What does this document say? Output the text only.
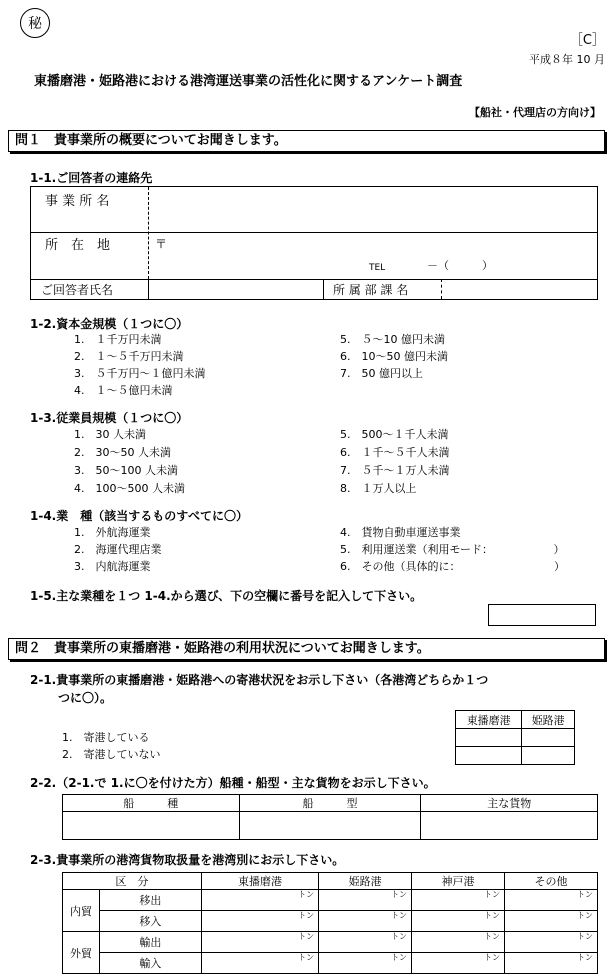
秘
［C］
平成８年 10 月
東播磨港・姫路港における港湾運送事業の活性化に関するアンケート調査
【船社・代理店の方向け】
問１　貴事業所の概要についてお聞きします。
1-1.ご回答者の連絡先
事 業 所 名
所　在　地	〒
TEL	－（　　　）
ご回答者氏名	所 属 部 課 名
1-2.資本金規模（１つに〇）
1.　１千万円未満
2.　１～５千万円未満
3.　５千万円～１億円未満
4.　１～５億円未満
5.　５～10 億円未満
6.　10～50 億円未満
7.　50 億円以上
1-3.従業員規模（１つに〇）
1.　30 人未満
2.　30～50 人未満
3.　50～100 人未満
4.　100～500 人未満
5.　500～１千人未満
6.　１千～５千人未満
7.　５千～１万人未満
8.　１万人以上
1-4.業　種（該当するものすべてに〇）
1.　外航海運業
2.　海運代理店業
3.　内航海運業
4.　貨物自動車運送事業
5.　利用運送業（利用モード：　　　　　　）
6.　その他（具体的に：　　　　　　　　　）
1-5.主な業種を１つ 1-4.から選び、下の空欄に番号を記入して下さい。
問２　貴事業所の東播磨港・姫路港の利用状況についてお聞きします。
2-1.貴事業所の東播磨港・姫路港への寄港状況をお示し下さい（各港湾どちらか１つ
つに〇）。
1.　寄港している
2.　寄港していない
東播磨港	姫路港

2-2.（2-1.で 1.に〇を付けた方）船種・船型・主な貨物をお示し下さい。
船　　　種	船　　　型	主な貨物

2-3.貴事業所の港湾貨物取扱量を港湾別にお示し下さい。
区　分		東播磨港	姫路港	神戸港	その他
内貿	移出	トン	トン	トン	トン
	移入	トン	トン	トン	トン
外貿	輸出	トン	トン	トン	トン
	輸入	トン	トン	トン	トン
